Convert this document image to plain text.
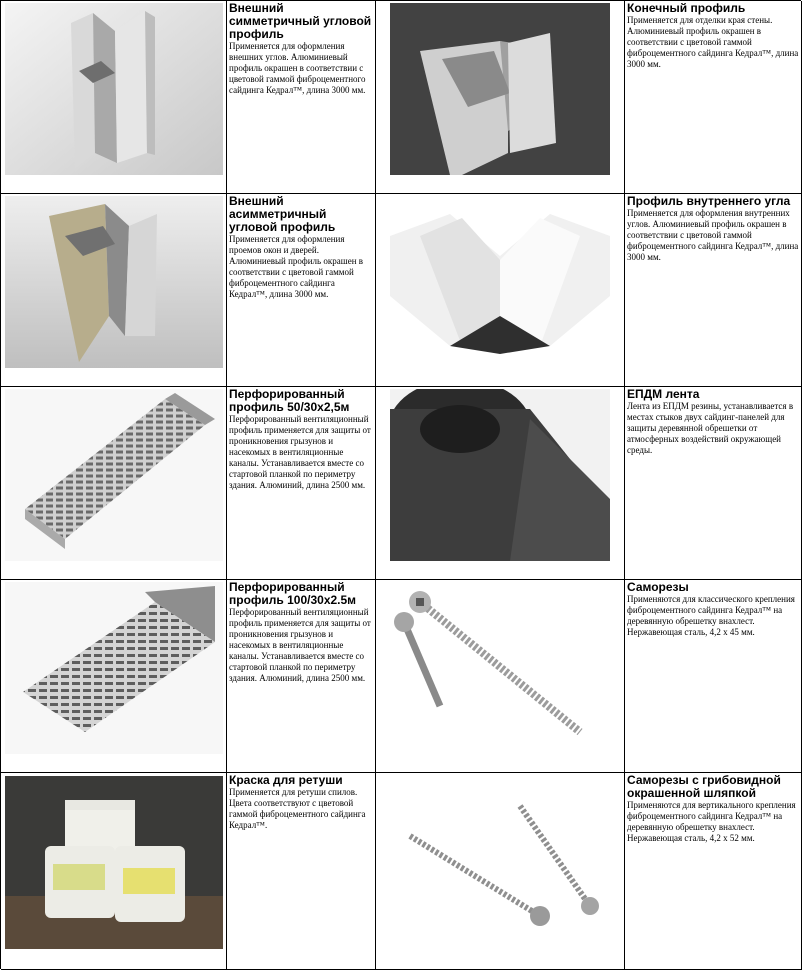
Внешний симметричный угловой профиль

Применяется для оформления внешних углов. Алюминиевый профиль окрашен в соответствии с цветовой гаммой фиброцементного сайдинга Кедрал™, длина 3000 мм.

Конечный профиль

Применяется для отделки края стены. Алюминиевый профиль окрашен в соответствии с цветовой гаммой фиброцементного сайдинга Кедрал™, длина 3000 мм.

Внешний асимметричный угловой профиль

Применяется для оформления проемов окон и дверей. Алюминиевый профиль окрашен в соответствии с цветовой гаммой фиброцементного сайдинга Кедрал™, длина 3000 мм.

Профиль внутреннего угла

Применяется для оформления внутренних углов. Алюминиевый профиль окрашен в соответствии с цветовой гаммой фиброцементного сайдинга Кедрал™, длина 3000 мм.

Перфорированный профиль 50/30x2,5м

Перфорированный вентиляционный профиль применяется для защиты от проникновения грызунов и насекомых в вентиляционные каналы. Устанавливается вместе со стартовой планкой по периметру здания. Алюминий, длина 2500 мм.

ЕПДМ лента

Лента из ЕПДМ резины, устанавливается в местах стыков двух сайдинг-панелей для защиты деревянной обрешетки от атмосферных воздействий окружающей среды.

Перфорированный профиль 100/30x2.5м

Перфорированный вентиляционный профиль применяется для защиты от проникновения грызунов и насекомых в вентиляционные каналы. Устанавливается вместе со стартовой планкой по периметру здания. Алюминий, длина 2500 мм.

Саморезы

Применяются для классического крепления фиброцементного сайдинга Кедрал™ на деревянную обрешетку внахлест. Нержавеющая сталь, 4,2 x 45 мм.

Краска для ретуши

Применяется для ретуши спилов. Цвета соответствуют с цветовой гаммой фиброцементного сайдинга Кедрал™.

Саморезы с грибовидной окрашенной шляпкой

Применяются для вертикального крепления фиброцементного сайдинга Кедрал™ на деревянную обрешетку внахлест. Нержавеющая сталь, 4,2 x 52 мм.
